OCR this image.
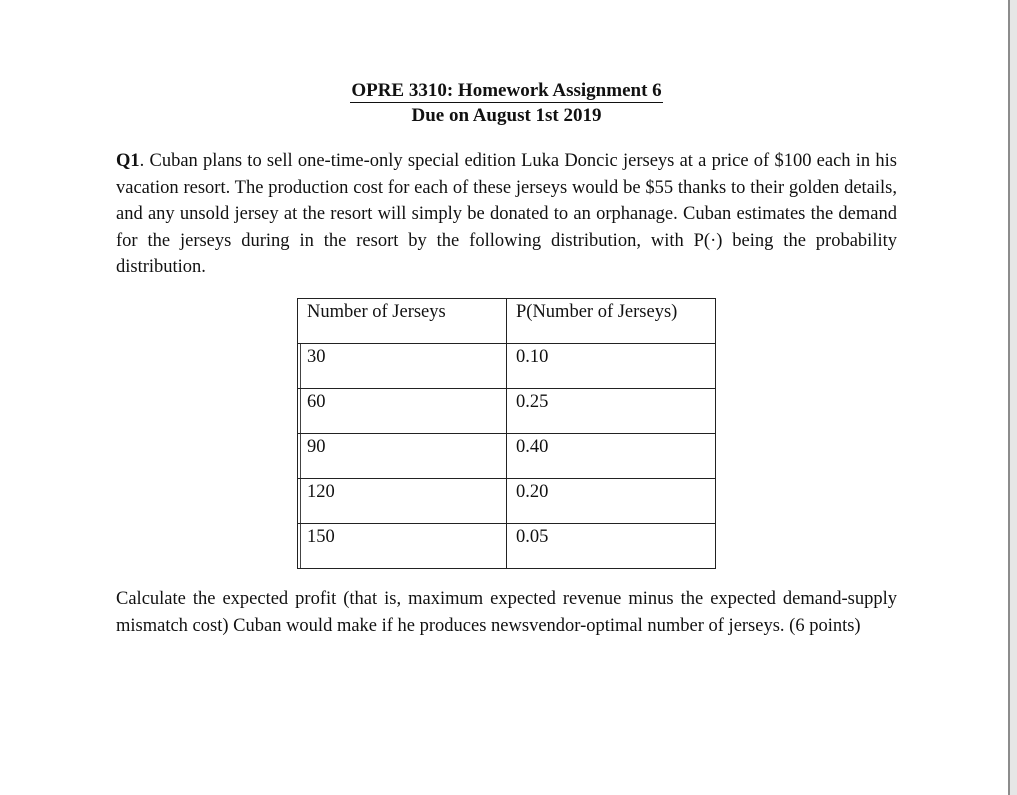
OPRE 3310: Homework Assignment 6
Due on August 1st 2019

Q1. Cuban plans to sell one-time-only special edition Luka Doncic jerseys at a price of $100 each in his vacation resort. The production cost for each of these jerseys would be $55 thanks to their golden details, and any unsold jersey at the resort will simply be donated to an orphanage. Cuban estimates the demand for the jerseys during in the resort by the following distribution, with P(·) being the probability distribution.

Number of Jerseys	P(Number of Jerseys)
30	0.10
60	0.25
90	0.40
120	0.20
150	0.05

Calculate the expected profit (that is, maximum expected revenue minus the expected demand-supply mismatch cost) Cuban would make if he produces newsvendor-optimal number of jerseys. (6 points)
